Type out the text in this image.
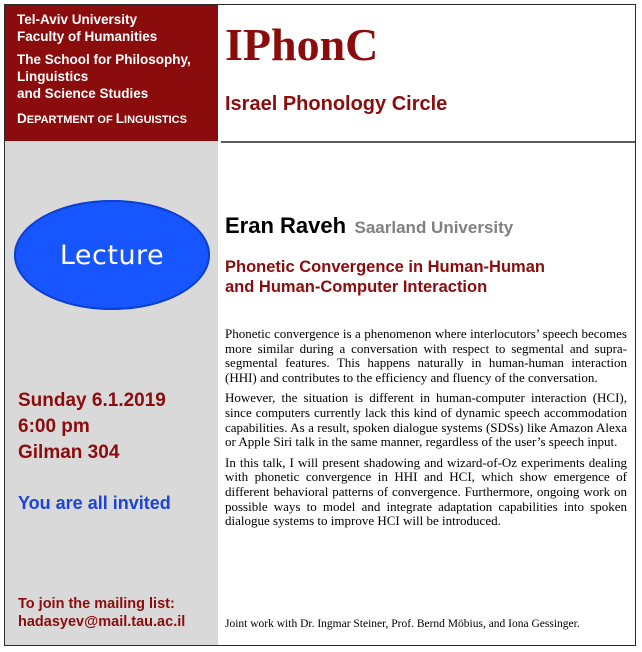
Tel-Aviv University
Faculty of Humanities
The School for Philosophy,
Linguistics
and Science Studies
DEPARTMENT OF LINGUISTICS
IPhonC
Israel Phonology Circle
Lecture
Sunday 6.1.2019
6:00 pm
Gilman 304
You are all invited
To join the mailing list:
hadasyev@mail.tau.ac.il
Eran Raveh Saarland University
Phonetic Convergence in Human-Human
and Human-Computer Interaction

Phonetic convergence is a phenomenon where interlocutors’ speech becomes more similar during a conversation with respect to segmental and supra-segmental features. This happens naturally in human-human interaction (HHI) and contributes to the efficiency and fluency of the conversation.

However, the situation is different in human-computer interaction (HCI), since computers currently lack this kind of dynamic speech accommodation capabilities. As a result, spoken dialogue systems (SDSs) like Amazon Alexa or Apple Siri talk in the same manner, regardless of the user’s speech input.

In this talk, I will present shadowing and wizard-of-Oz experiments dealing with phonetic convergence in HHI and HCI, which show emergence of different behavioral patterns of convergence. Furthermore, ongoing work on possible ways to model and integrate adaptation capabilities into spoken dialogue systems to improve HCI will be introduced.

Joint work with Dr. Ingmar Steiner, Prof. Bernd Möbius, and Iona Gessinger.
